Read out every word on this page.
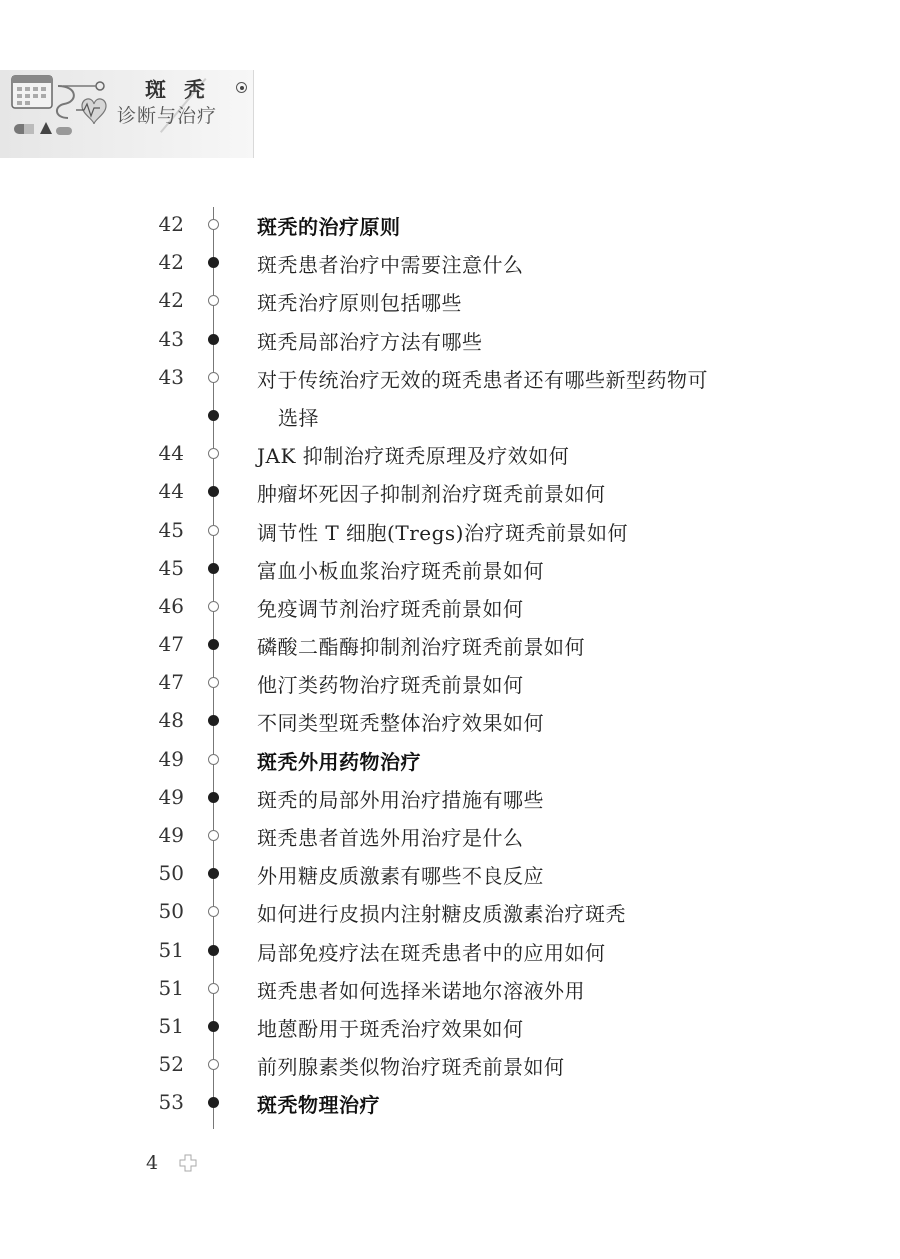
斑秃
诊断与治疗
42	斑秃的治疗原则
42	斑秃患者治疗中需要注意什么
42	斑秃治疗原则包括哪些
43	斑秃局部治疗方法有哪些
43	对于传统治疗无效的斑秃患者还有哪些新型药物可
选择
44	JAK 抑制治疗斑秃原理及疗效如何
44	肿瘤坏死因子抑制剂治疗斑秃前景如何
45	调节性 T 细胞(Tregs)治疗斑秃前景如何
45	富血小板血浆治疗斑秃前景如何
46	免疫调节剂治疗斑秃前景如何
47	磷酸二酯酶抑制剂治疗斑秃前景如何
47	他汀类药物治疗斑秃前景如何
48	不同类型斑秃整体治疗效果如何
49	斑秃外用药物治疗
49	斑秃的局部外用治疗措施有哪些
49	斑秃患者首选外用治疗是什么
50	外用糖皮质激素有哪些不良反应
50	如何进行皮损内注射糖皮质激素治疗斑秃
51	局部免疫疗法在斑秃患者中的应用如何
51	斑秃患者如何选择米诺地尔溶液外用
51	地蒽酚用于斑秃治疗效果如何
52	前列腺素类似物治疗斑秃前景如何
53	斑秃物理治疗
4
